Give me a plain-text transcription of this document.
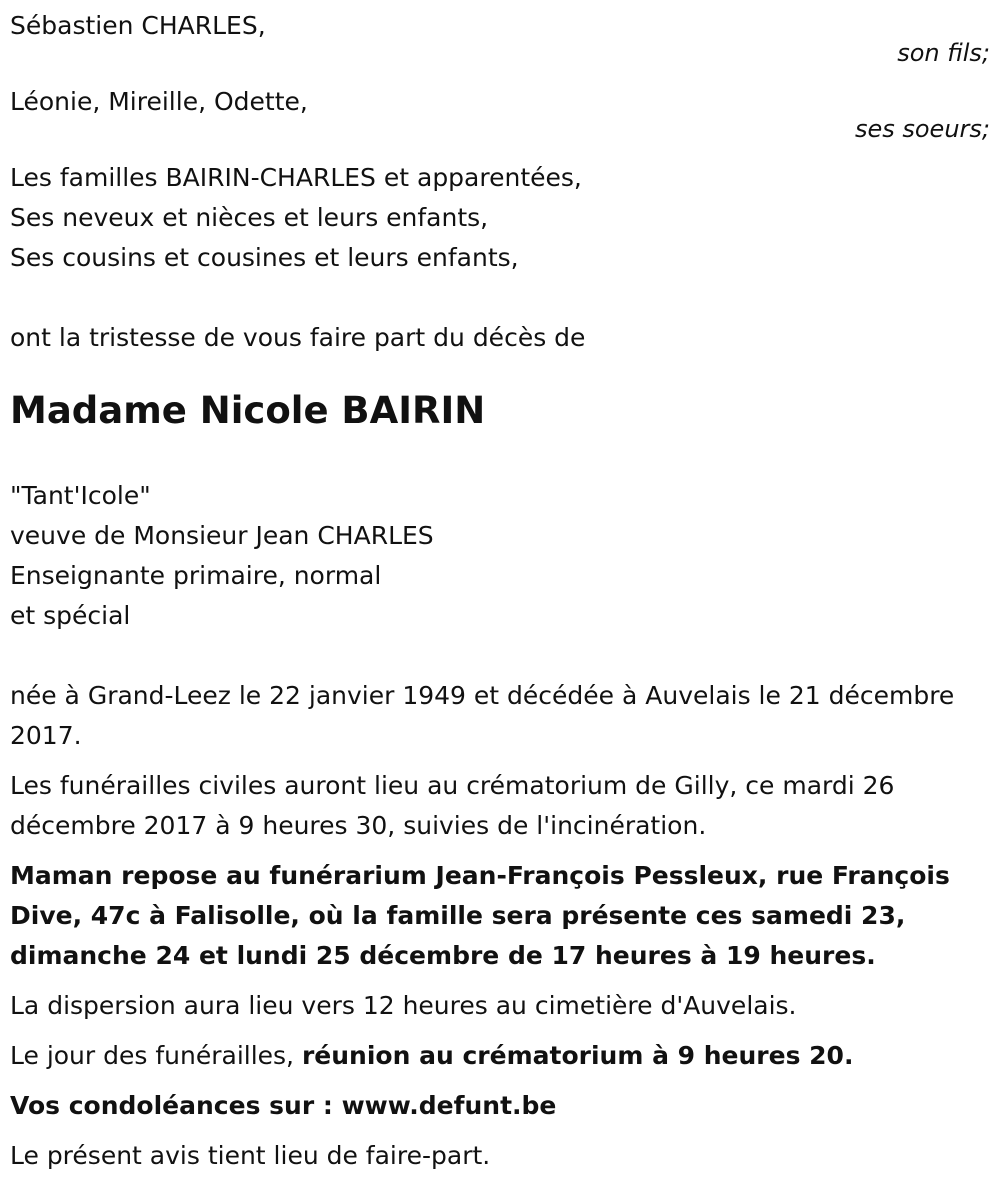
Sébastien CHARLES,
son fils;
Léonie, Mireille, Odette,
ses soeurs;
Les familles BAIRIN-CHARLES et apparentées,
Ses neveux et nièces et leurs enfants,
Ses cousins et cousines et leurs enfants,
ont la tristesse de vous faire part du décès de
Madame Nicole BAIRIN
"Tant'Icole"
veuve de Monsieur Jean CHARLES
Enseignante primaire, normal
et spécial
née à Grand-Leez le 22 janvier 1949 et décédée à Auvelais le 21 décembre 2017.
Les funérailles civiles auront lieu au crématorium de Gilly, ce mardi 26 décembre 2017 à 9 heures 30, suivies de l'incinération.
Maman repose au funérarium Jean-François Pessleux, rue François Dive, 47c à Falisolle, où la famille sera présente ces samedi 23, dimanche 24 et lundi 25 décembre de 17 heures à 19 heures.
La dispersion aura lieu vers 12 heures au cimetière d'Auvelais.
Le jour des funérailles, réunion au crématorium à 9 heures 20.
Vos condoléances sur : www.defunt.be
Le présent avis tient lieu de faire-part.
